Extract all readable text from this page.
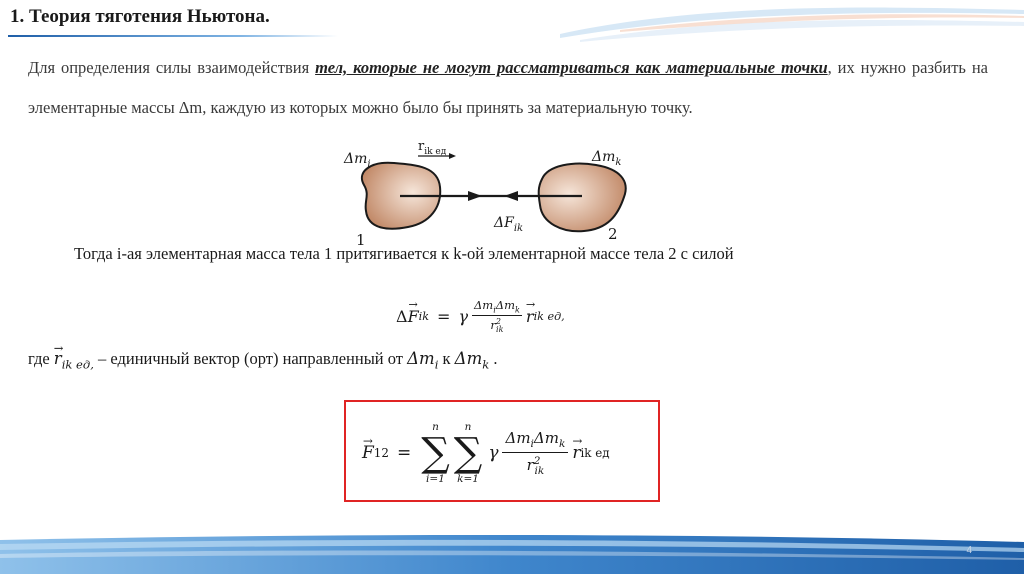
1. Теория тяготения Ньютона.
Для определения силы взаимодействия тел, которые не могут рассматриваться как материальные точки, их нужно разбить на элементарные массы Δm, каждую из которых можно было бы принять за материальную точку.
$\Delta m_i$
$r_{ik ед}$	$\Delta m_k$
$\Delta F_{ik}$
1	2
Тогда i-ая элементарная масса тела 1 притягивается к k-ой элементарной массе тела 2 с силой
Δ
→ F ik = γ $\frac{\Delta m_i\Delta m_k}{r^2_{ik}}$
→ r ik ед,
где → $r_{ik ед,}$ – единичный вектор (орт) направленный от $\Delta m_i$ к $\Delta m_k$ .
→ F 12 =
n
∑
i=1
n
∑
k=1
γ $\frac{\Delta m_i\Delta m_k}{r^2_{ik}}$
→ r ik ед
4
